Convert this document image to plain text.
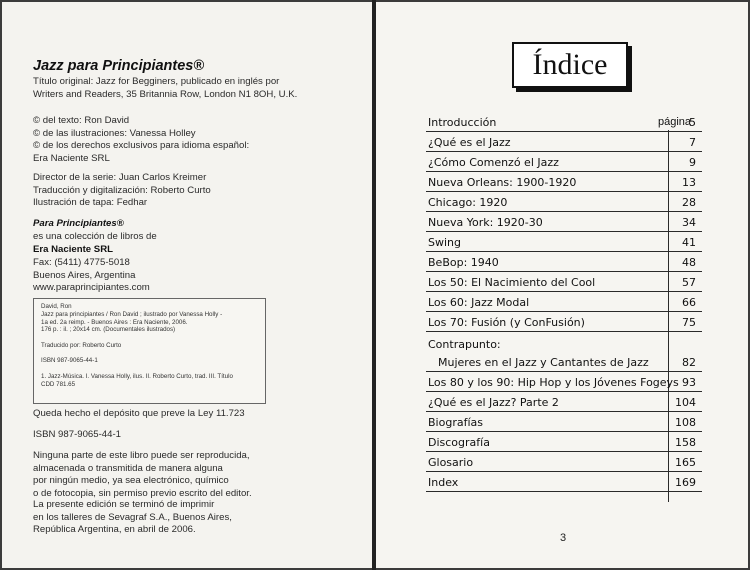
Jazz para Principiantes®
Título original: Jazz for Begginers, publicado en inglés por
Writers and Readers, 35 Britannia Row, London N1 8OH, U.K.
© del texto: Ron David
© de las ilustraciones: Vanessa Holley
© de los derechos exclusivos para idioma español:
Era Naciente SRL
Director de la serie: Juan Carlos Kreimer
Traducción y digitalización: Roberto Curto
Ilustración de tapa: Fedhar
Para Principiantes®
es una colección de libros de
Era Naciente SRL
Fax: (5411) 4775-5018
Buenos Aires, Argentina
www.paraprincipiantes.com
David, Ron
Jazz para principiantes / Ron David ; ilustrado por Vanessa Holly -
1a ed. 2a reimp. - Buenos Aires : Era Naciente, 2006.
176 p. : il. ; 20x14 cm. (Documentales ilustrados)
Traducido por: Roberto Curto
ISBN 987-9065-44-1
1. Jazz-Música. I. Vanessa Holly, ilus. II. Roberto Curto, trad. III. Título
CDD 781.65
Queda hecho el depósito que preve la Ley 11.723
ISBN 987-9065-44-1
Ninguna parte de este libro puede ser reproducida,
almacenada o transmitida de manera alguna
por ningún medio, ya sea electrónico, químico
o de fotocopia, sin permiso previo escrito del editor.
La presente edición se terminó de imprimir
en los talleres de Sevagraf S.A., Buenos Aires,
República Argentina, en abril de 2006.
Índice
página
Introducción	5
¿Qué es el Jazz	7
¿Cómo Comenzó el Jazz	9
Nueva Orleans: 1900-1920	13
Chicago: 1920	28
Nueva York: 1920-30	34
Swing	41
BeBop: 1940	48
Los 50: El Nacimiento del Cool	57
Los 60: Jazz Modal	66
Los 70: Fusión (y ConFusión)	75
Contrapunto:
Mujeres en el Jazz y Cantantes de Jazz	82
Los 80 y los 90: Hip Hop y los Jóvenes Fogeys 93
¿Qué es el Jazz? Parte 2	104
Biografías	108
Discografía	158
Glosario	165
Index	169
3
